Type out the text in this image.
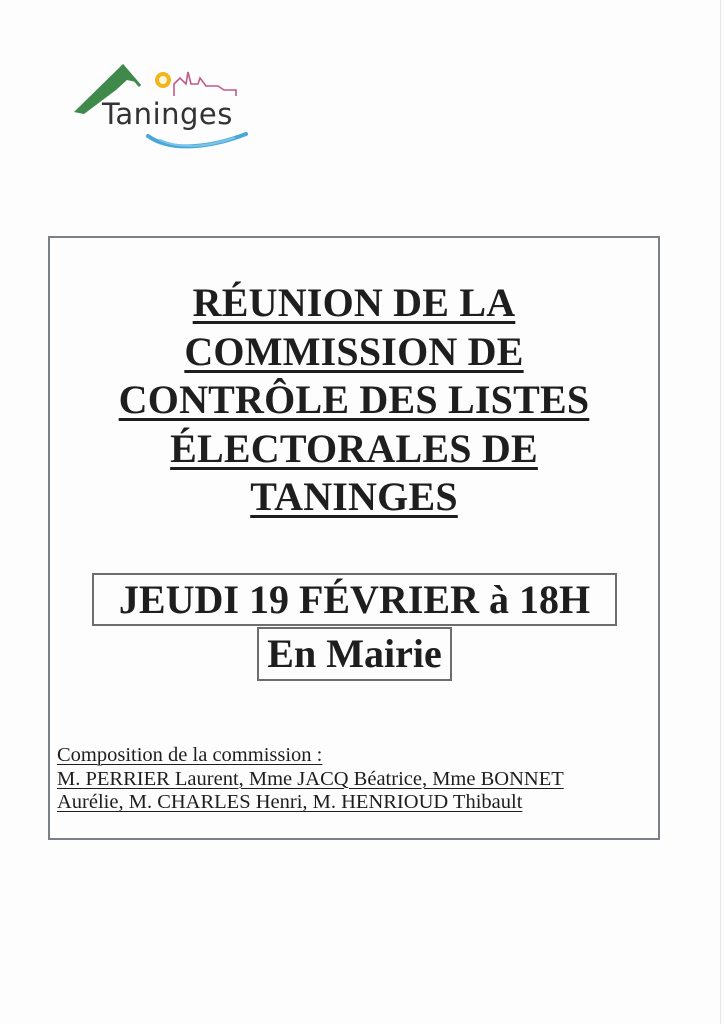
Taninges
RÉUNION DE LA
COMMISSION DE
CONTRÔLE DES LISTES
ÉLECTORALES DE
TANINGES
JEUDI 19 FÉVRIER à 18H
En Mairie
Composition de la commission :
M. PERRIER Laurent, Mme JACQ Béatrice, Mme BONNET
Aurélie, M. CHARLES Henri, M. HENRIOUD Thibault
